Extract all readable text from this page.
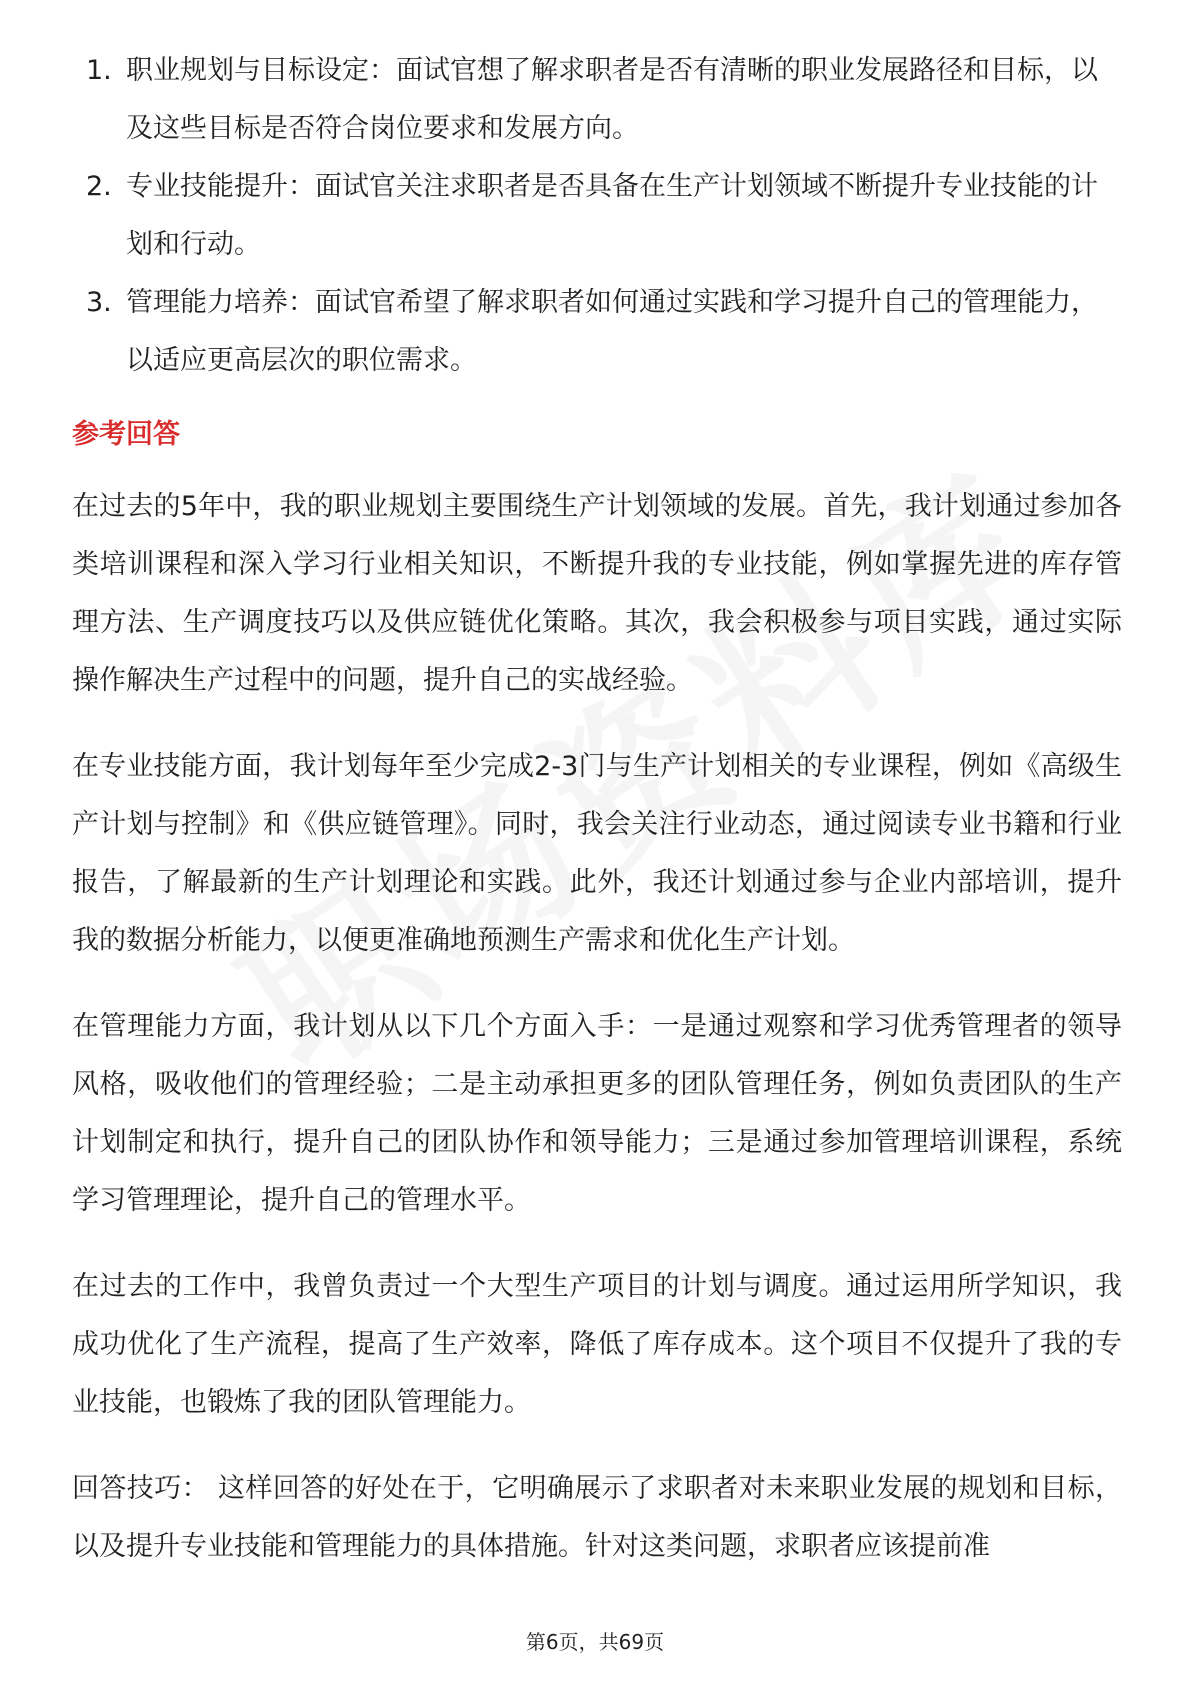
1. 职业规划与目标设定：面试官想了解求职者是否有清晰的职业发展路径和目标，以及这些目标是否符合岗位要求和发展方向。
2. 专业技能提升：面试官关注求职者是否具备在生产计划领域不断提升专业技能的计划和行动。
3. 管理能力培养：面试官希望了解求职者如何通过实践和学习提升自己的管理能力，以适应更高层次的职位需求。
参考回答

在过去的5年中，我的职业规划主要围绕生产计划领域的发展。首先，我计划通过参加各类培训课程和深入学习行业相关知识，不断提升我的专业技能，例如掌握先进的库存管理方法、生产调度技巧以及供应链优化策略。其次，我会积极参与项目实践，通过实际操作解决生产过程中的问题，提升自己的实战经验。

在专业技能方面，我计划每年至少完成2-3门与生产计划相关的专业课程，例如《高级生产计划与控制》和《供应链管理》。同时，我会关注行业动态，通过阅读专业书籍和行业报告，了解最新的生产计划理论和实践。此外，我还计划通过参与企业内部培训，提升我的数据分析能力，以便更准确地预测生产需求和优化生产计划。

在管理能力方面，我计划从以下几个方面入手：一是通过观察和学习优秀管理者的领导风格，吸收他们的管理经验；二是主动承担更多的团队管理任务，例如负责团队的生产计划制定和执行，提升自己的团队协作和领导能力；三是通过参加管理培训课程，系统学习管理理论，提升自己的管理水平。

在过去的工作中，我曾负责过一个大型生产项目的计划与调度。通过运用所学知识，我成功优化了生产流程，提高了生产效率，降低了库存成本。这个项目不仅提升了我的专业技能，也锻炼了我的团队管理能力。

回答技巧： 这样回答的好处在于，它明确展示了求职者对未来职业发展的规划和目标，以及提升专业技能和管理能力的具体措施。针对这类问题，求职者应该提前准

第6页，共69页
